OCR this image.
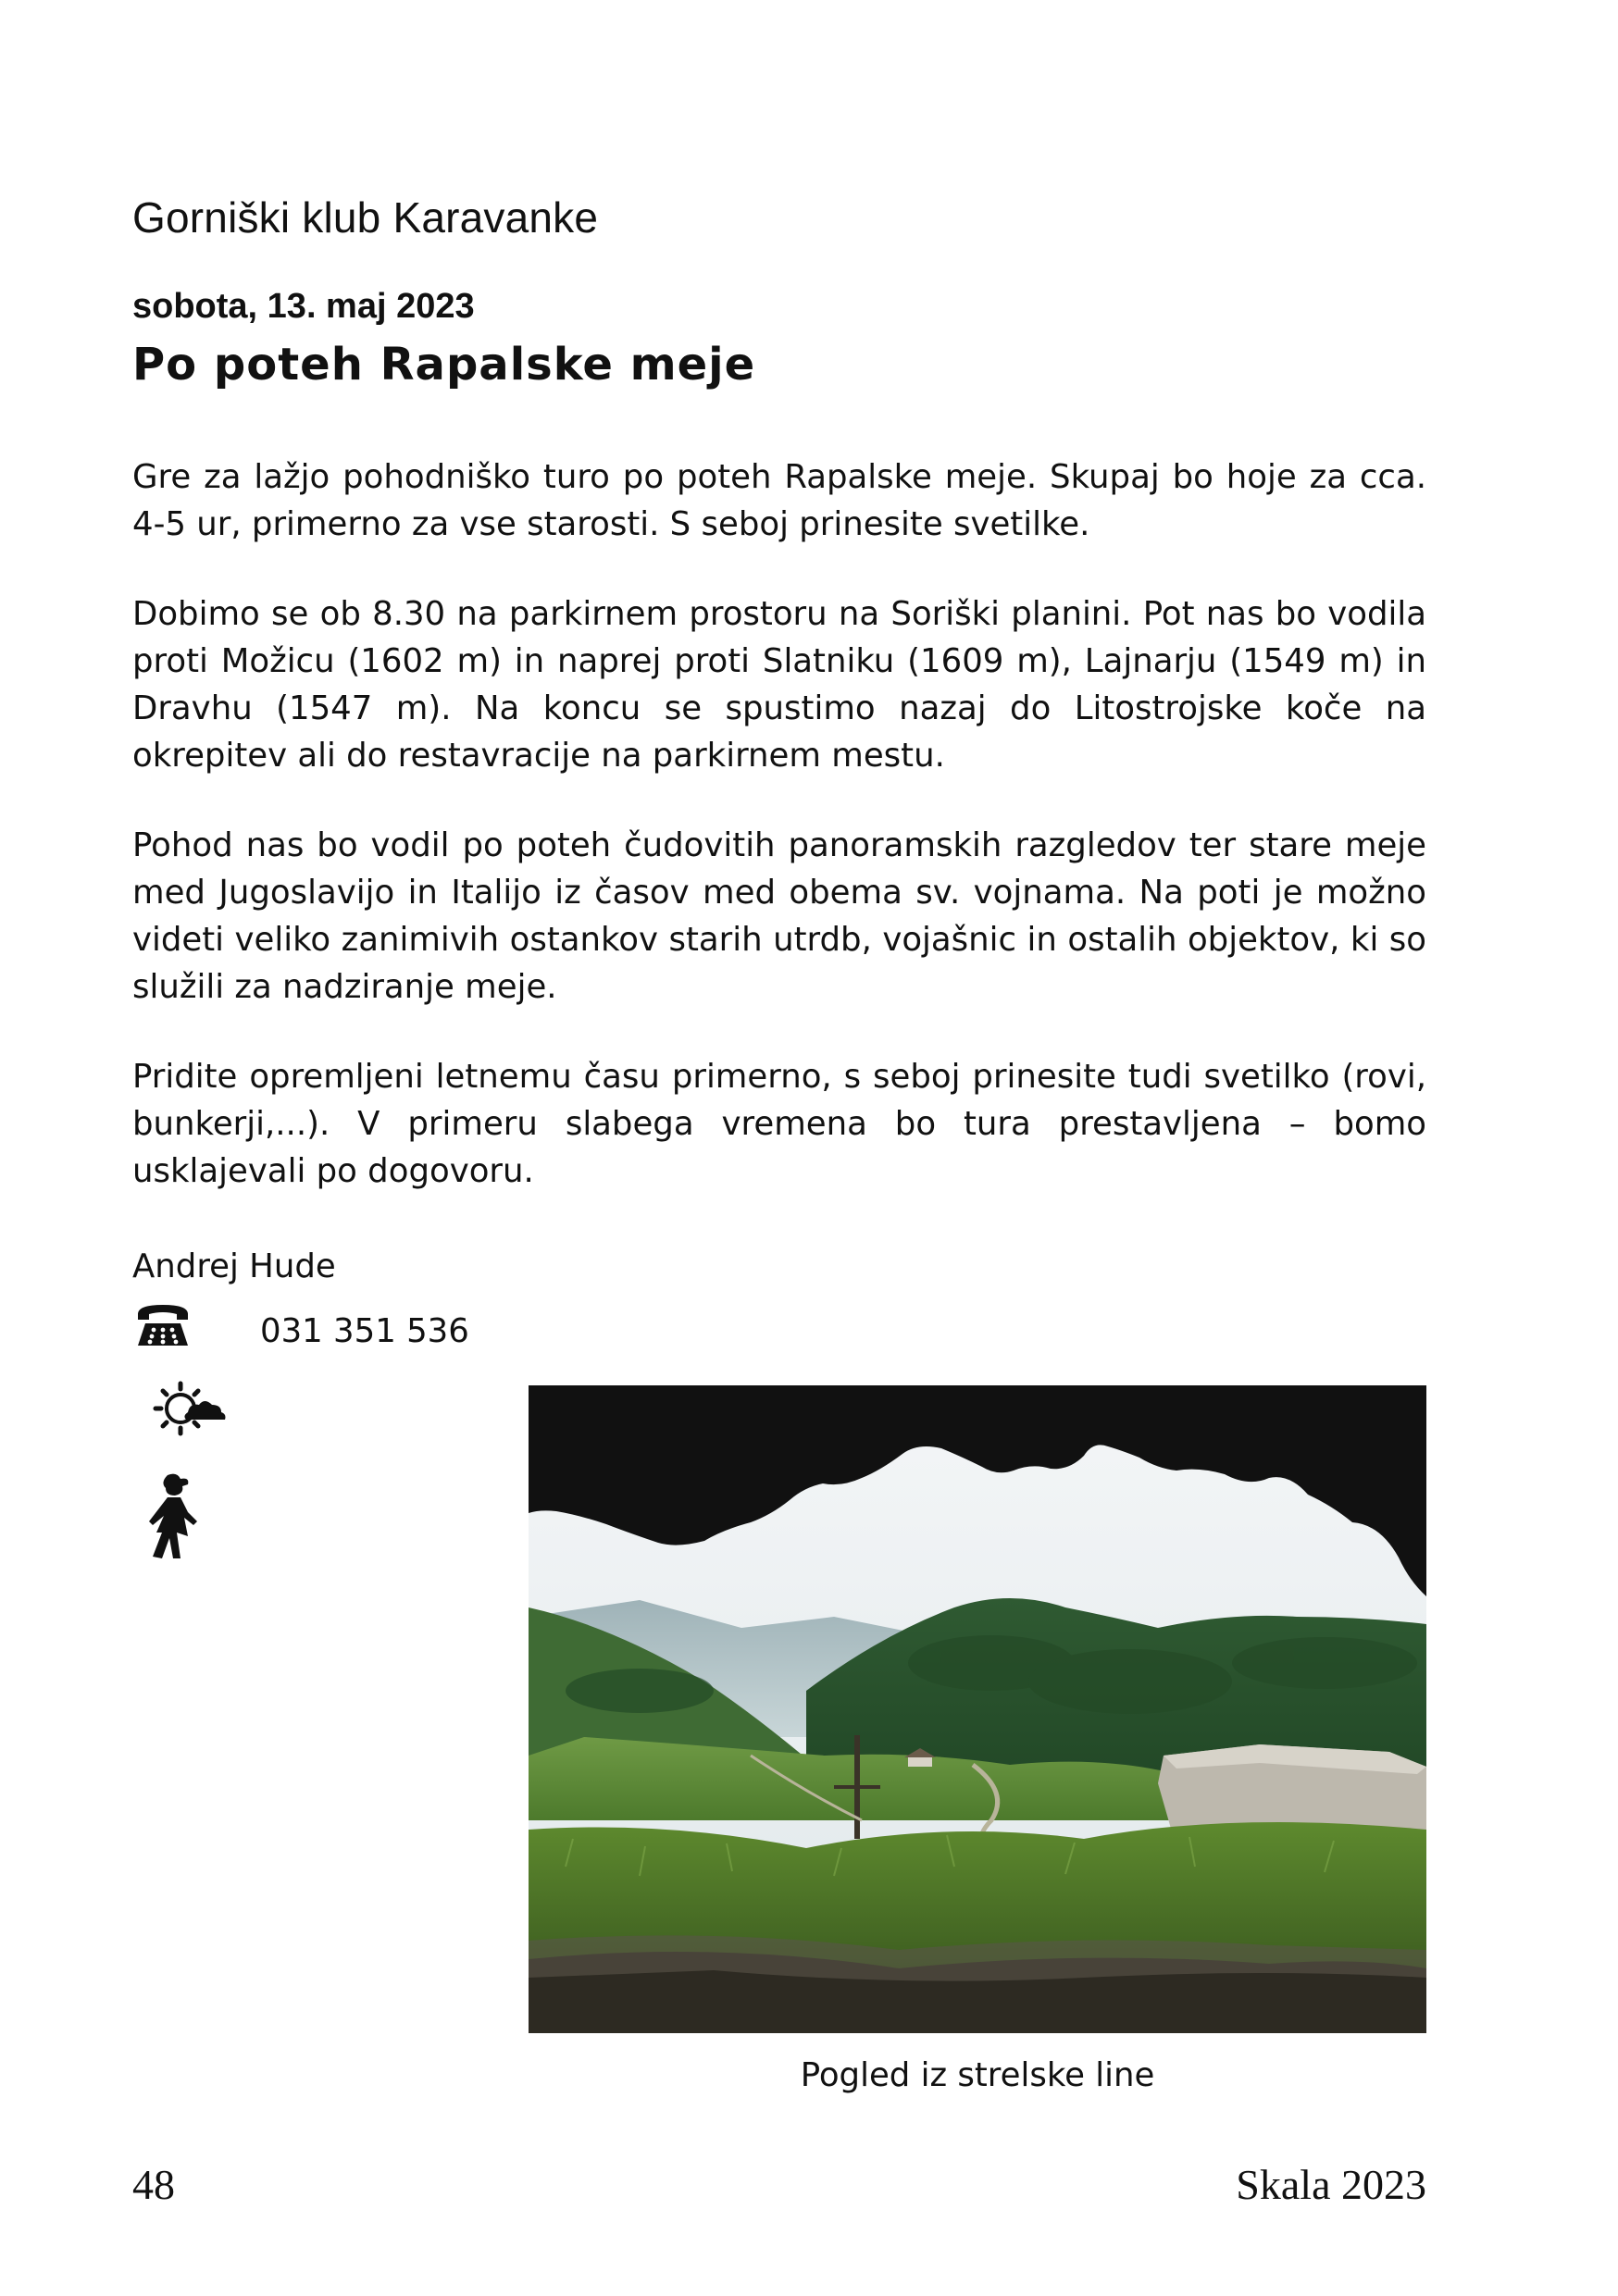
Gorniški klub Karavanke
sobota, 13. maj 2023
Po poteh Rapalske meje

Gre za lažjo pohodniško turo po poteh Rapalske meje. Skupaj bo hoje za cca. 4-5 ur, primerno za vse starosti. S seboj prinesite svetilke.

Dobimo se ob 8.30 na parkirnem prostoru na Soriški planini. Pot nas bo vodila proti Možicu (1602 m) in naprej proti Slatniku (1609 m), Lajnarju (1549 m) in Dravhu (1547 m). Na koncu se spustimo nazaj do Litostrojske koče na okrepitev ali do restavracije na parkirnem mestu.

Pohod nas bo vodil po poteh čudovitih panoramskih razgledov ter stare meje med Jugoslavijo in Italijo iz časov med obema sv. vojnama. Na poti je možno videti veliko zanimivih ostankov starih utrdb, vojašnic in ostalih objektov, ki so služili za nadziranje meje.

Pridite opremljeni letnemu času primerno, s seboj prinesite tudi svetilko (rovi, bunkerji,...). V primeru slabega vremena bo tura prestavljena – bomo usklajevali po dogovoru.

Andrej Hude
031 351 536
Pogled iz strelske line
48	Skala 2023
